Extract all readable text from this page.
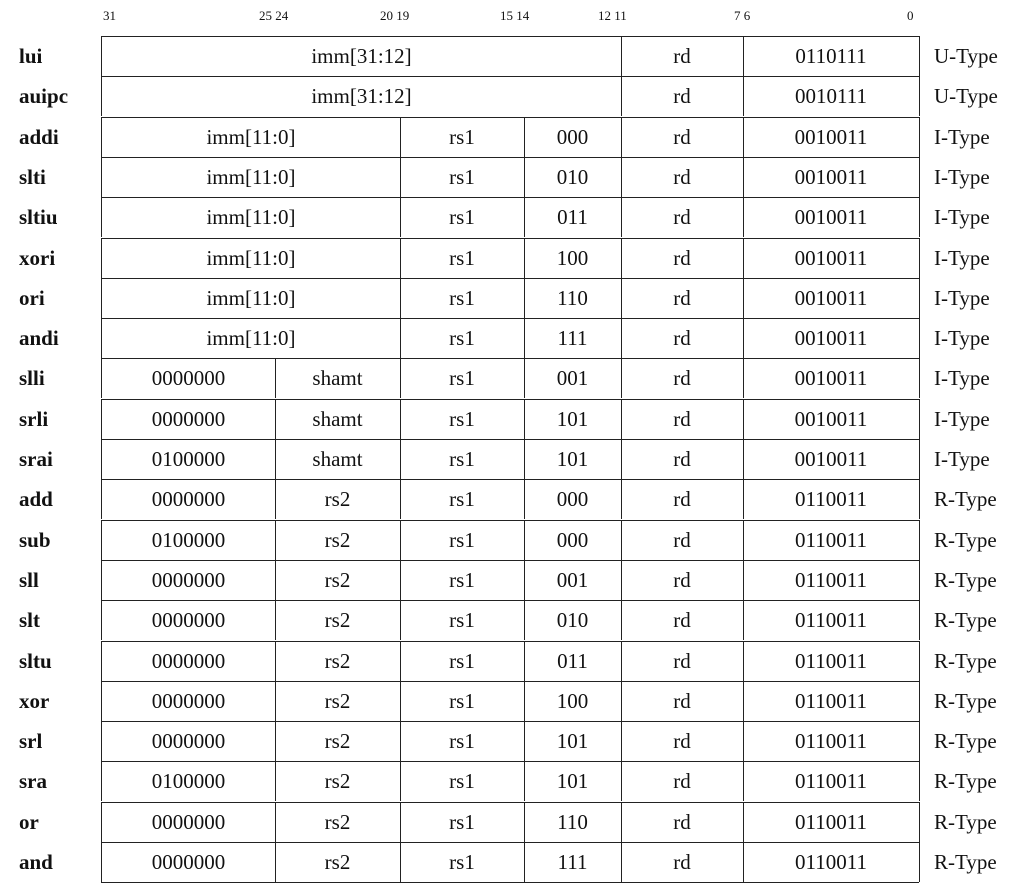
31	25 24	20 19	15 14	12 11	7 6	0
lui	imm[31:12]	rd	0110111	U-Type
auipc	imm[31:12]	rd	0010111	U-Type
addi	imm[11:0]	rs1	000	rd	0010011	I-Type
slti	imm[11:0]	rs1	010	rd	0010011	I-Type
sltiu	imm[11:0]	rs1	011	rd	0010011	I-Type
xori	imm[11:0]	rs1	100	rd	0010011	I-Type
ori	imm[11:0]	rs1	110	rd	0010011	I-Type
andi	imm[11:0]	rs1	111	rd	0010011	I-Type
slli	0000000	shamt	rs1	001	rd	0010011	I-Type
srli	0000000	shamt	rs1	101	rd	0010011	I-Type
srai	0100000	shamt	rs1	101	rd	0010011	I-Type
add	0000000	rs2	rs1	000	rd	0110011	R-Type
sub	0100000	rs2	rs1	000	rd	0110011	R-Type
sll	0000000	rs2	rs1	001	rd	0110011	R-Type
slt	0000000	rs2	rs1	010	rd	0110011	R-Type
sltu	0000000	rs2	rs1	011	rd	0110011	R-Type
xor	0000000	rs2	rs1	100	rd	0110011	R-Type
srl	0000000	rs2	rs1	101	rd	0110011	R-Type
sra	0100000	rs2	rs1	101	rd	0110011	R-Type
or	0000000	rs2	rs1	110	rd	0110011	R-Type
and	0000000	rs2	rs1	111	rd	0110011	R-Type
